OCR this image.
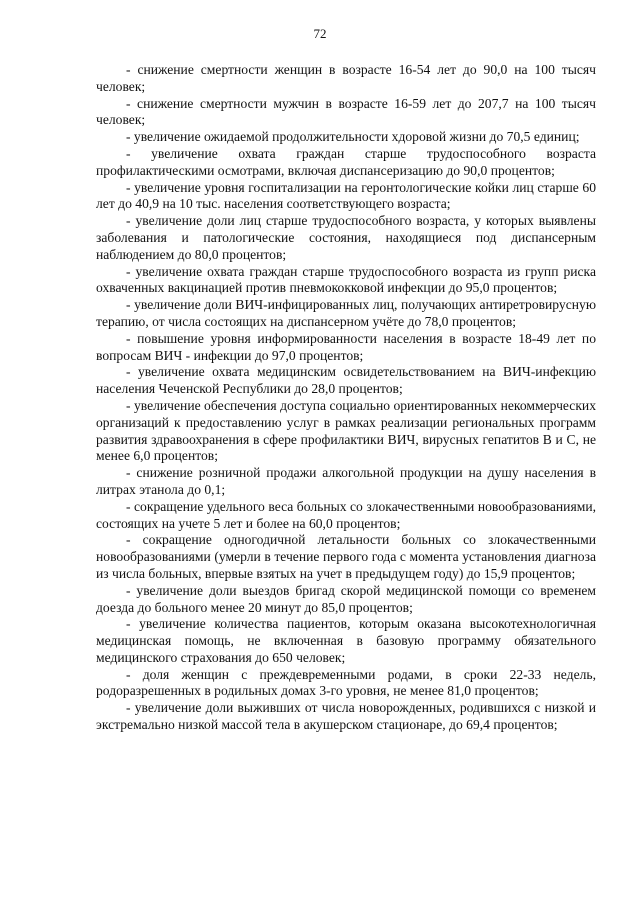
72

- снижение смертности женщин в возрасте 16-54 лет до 90,0 на 100 тысяч человек;

- снижение смертности мужчин в возрасте 16-59 лет до 207,7 на 100 тысяч человек;

- увеличение ожидаемой продолжительности хдоровой жизни до 70,5 единиц;

- увеличение охвата граждан старше трудоспособного возраста профилактическими осмотрами, включая диспансеризацию до 90,0 процентов;

- увеличение уровня госпитализации на геронтологические койки лиц старше 60 лет до 40,9 на 10 тыс. населения соответствующего возраста;

- увеличение доли лиц старше трудоспособного возраста, у которых выявлены заболевания и патологические состояния, находящиеся под диспансерным наблюдением до 80,0 процентов;

- увеличение охвата граждан старше трудоспособного возраста из групп риска охваченных вакцинацией против пневмококковой инфекции до 95,0 процентов;

- увеличение доли ВИЧ-инфицированных лиц, получающих антиретровирусную терапию, от числа состоящих на диспансерном учёте до 78,0 процентов;

- повышение уровня информированности населения в возрасте 18-49 лет по вопросам ВИЧ - инфекции до 97,0 процентов;

- увеличение охвата медицинским освидетельствованием на ВИЧ-инфекцию населения Чеченской Республики до 28,0 процентов;

- увеличение обеспечения доступа социально ориентированных некоммерческих организаций к предоставлению услуг в рамках реализации региональных программ развития здравоохранения в сфере профилактики ВИЧ, вирусных гепатитов В и С, не менее 6,0 процентов;

- снижение розничной продажи алкогольной продукции на душу населения в литрах этанола до 0,1;

- сокращение удельного веса больных со злокачественными новообразованиями, состоящих на учете 5 лет и более на 60,0 процентов;

- сокращение одногодичной летальности больных со злокачественными новообразованиями (умерли в течение первого года с момента установления диагноза из числа больных, впервые взятых на учет в предыдущем году) до 15,9 процентов;

- увеличение доли выездов бригад скорой медицинской помощи со временем доезда до больного менее 20 минут до 85,0 процентов;

- увеличение количества пациентов, которым оказана высокотехнологичная медицинская помощь, не включенная в базовую программу обязательного медицинского страхования до 650 человек;

- доля женщин с преждевременными родами, в сроки 22-33 недель, родоразрешенных в родильных домах 3-го уровня, не менее 81,0 процентов;

- увеличение доли выживших от числа новорожденных, родившихся с низкой и экстремально низкой массой тела в акушерском стационаре, до 69,4 процентов;
